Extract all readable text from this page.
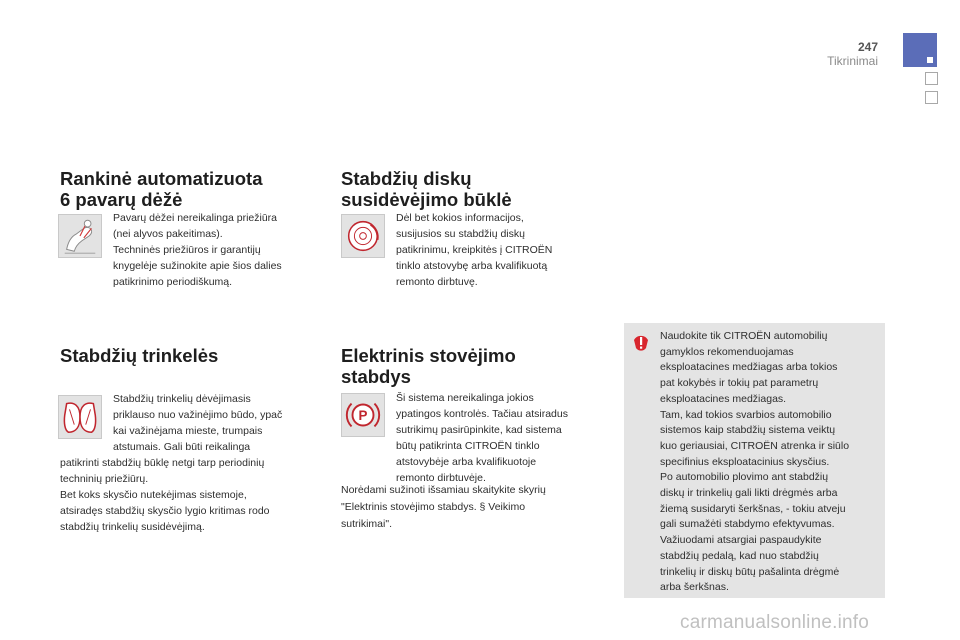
247
Tikrinimai
Rankinė automatizuota
6 pavarų dėžė

Pavarų dėžei nereikalinga priežiūra

(nei alyvos pakeitimas).

Techninės priežiūros ir garantijų

knygelėje sužinokite apie šios dalies

patikrinimo periodiškumą.

Stabdžių trinkelės

Stabdžių trinkelių dėvėjimasis

priklauso nuo važinėjimo būdo, ypač

kai važinėjama mieste, trumpais

atstumais. Gali būti reikalinga

patikrinti stabdžių būklę netgi tarp periodinių

techninių priežiūrų.

Bet koks skysčio nutekėjimas sistemoje,

atsiradęs stabdžių skysčio lygio kritimas rodo

stabdžių trinkelių susidėvėjimą.

Stabdžių diskų
susidėvėjimo būklė

Dėl bet kokios informacijos,

susijusios su stabdžių diskų

patikrinimu, kreipkitės į CITROËN

tinklo atstovybę arba kvalifikuotą

remonto dirbtuvę.

Elektrinis stovėjimo
stabdys
P

Ši sistema nereikalinga jokios

ypatingos kontrolės. Tačiau atsiradus

sutrikimų pasirūpinkite, kad sistema

būtų patikrinta CITROËN tinklo

atstovybėje arba kvalifikuotoje

remonto dirbtuvėje.

Norėdami sužinoti išsamiau skaitykite skyrių

"Elektrinis stovėjimo stabdys. § Veikimo

sutrikimai".

Naudokite tik CITROËN automobilių

gamyklos rekomenduojamas

eksploatacines medžiagas arba tokios

pat kokybės ir tokių pat parametrų

eksploatacines medžiagas.

Tam, kad tokios svarbios automobilio

sistemos kaip stabdžių sistema veiktų

kuo geriausiai, CITROËN atrenka ir siūlo

specifinius eksploatacinius skysčius.

Po automobilio plovimo ant stabdžių

diskų ir trinkelių gali likti drėgmės arba

žiemą susidaryti šerkšnas, - tokiu atveju

gali sumažėti stabdymo efektyvumas.

Važiuodami atsargiai paspaudykite

stabdžių pedalą, kad nuo stabdžių

trinkelių ir diskų būtų pašalinta drėgmė

arba šerkšnas.

carmanualsonline.info
